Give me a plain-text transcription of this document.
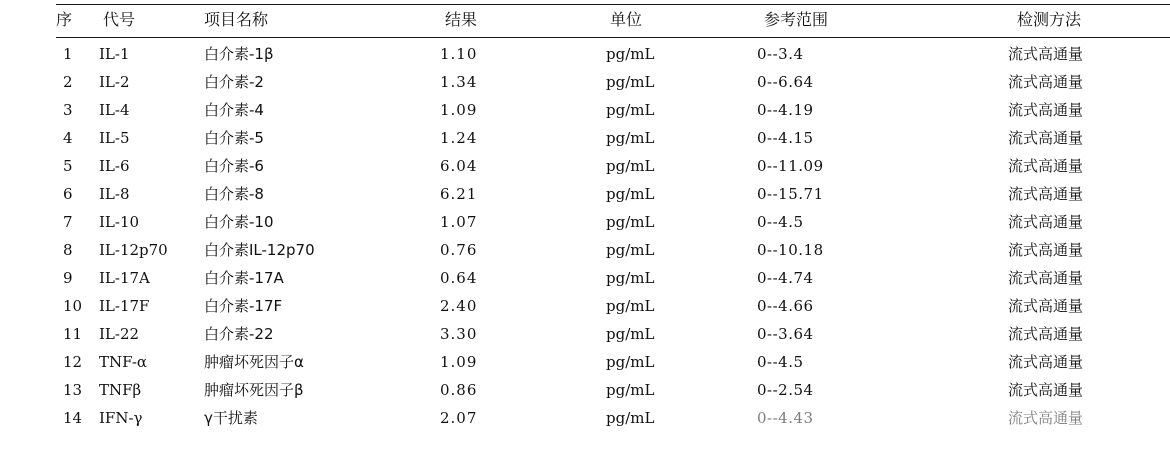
序 代号	项目名称	结果	单位	参考范围	检测方法
1 IL-1	白介素-1β	1.10	pg/mL	0--3.4	流式高通量
2 IL-2	白介素-2	1.34	pg/mL	0--6.64	流式高通量
3 IL-4	白介素-4	1.09	pg/mL	0--4.19	流式高通量
4 IL-5	白介素-5	1.24	pg/mL	0--4.15	流式高通量
5 IL-6	白介素-6	6.04	pg/mL	0--11.09	流式高通量
6 IL-8	白介素-8	6.21	pg/mL	0--15.71	流式高通量
7 IL-10	白介素-10	1.07	pg/mL	0--4.5	流式高通量
8 IL-12p70 白介素IL-12p70	0.76	pg/mL	0--10.18	流式高通量
9 IL-17A	白介素-17A	0.64	pg/mL	0--4.74	流式高通量
10 IL-17F	白介素-17F	2.40	pg/mL	0--4.66	流式高通量
11 IL-22	白介素-22	3.30	pg/mL	0--3.64	流式高通量
12 TNF-α	肿瘤坏死因子α	1.09	pg/mL	0--4.5	流式高通量
13 TNFβ	肿瘤坏死因子β	0.86	pg/mL	0--2.54	流式高通量
14 IFN-γ	γ干扰素	2.07	pg/mL	0--4.43	流式高通量
